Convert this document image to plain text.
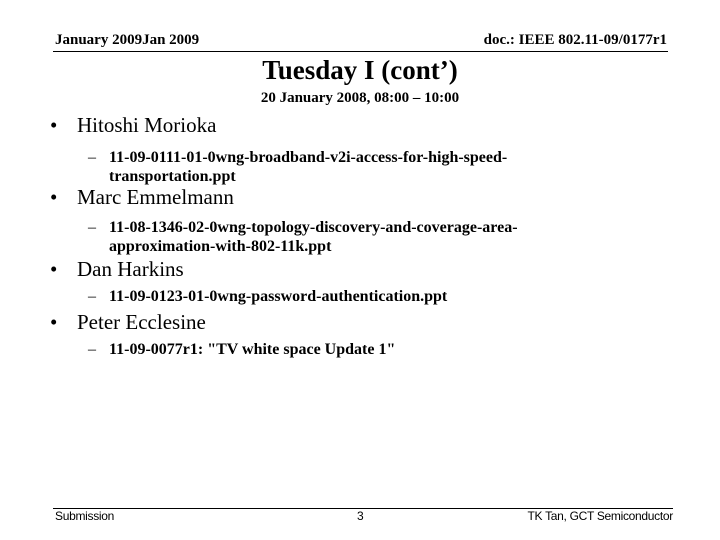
January 2009Jan 2009	doc.: IEEE 802.11-09/0177r1
Tuesday I (cont’)
20 January 2008, 08:00 – 10:00
• Hitoshi Morioka
– 11-09-0111-01-0wng-broadband-v2i-access-for-high-speed-
transportation.ppt
• Marc Emmelmann
– 11-08-1346-02-0wng-topology-discovery-and-coverage-area-
approximation-with-802-11k.ppt
• Dan Harkins
– 11-09-0123-01-0wng-password-authentication.ppt
• Peter Ecclesine
– 11-09-0077r1: "TV white space Update 1"
Submission	3	TK Tan, GCT Semiconductor
